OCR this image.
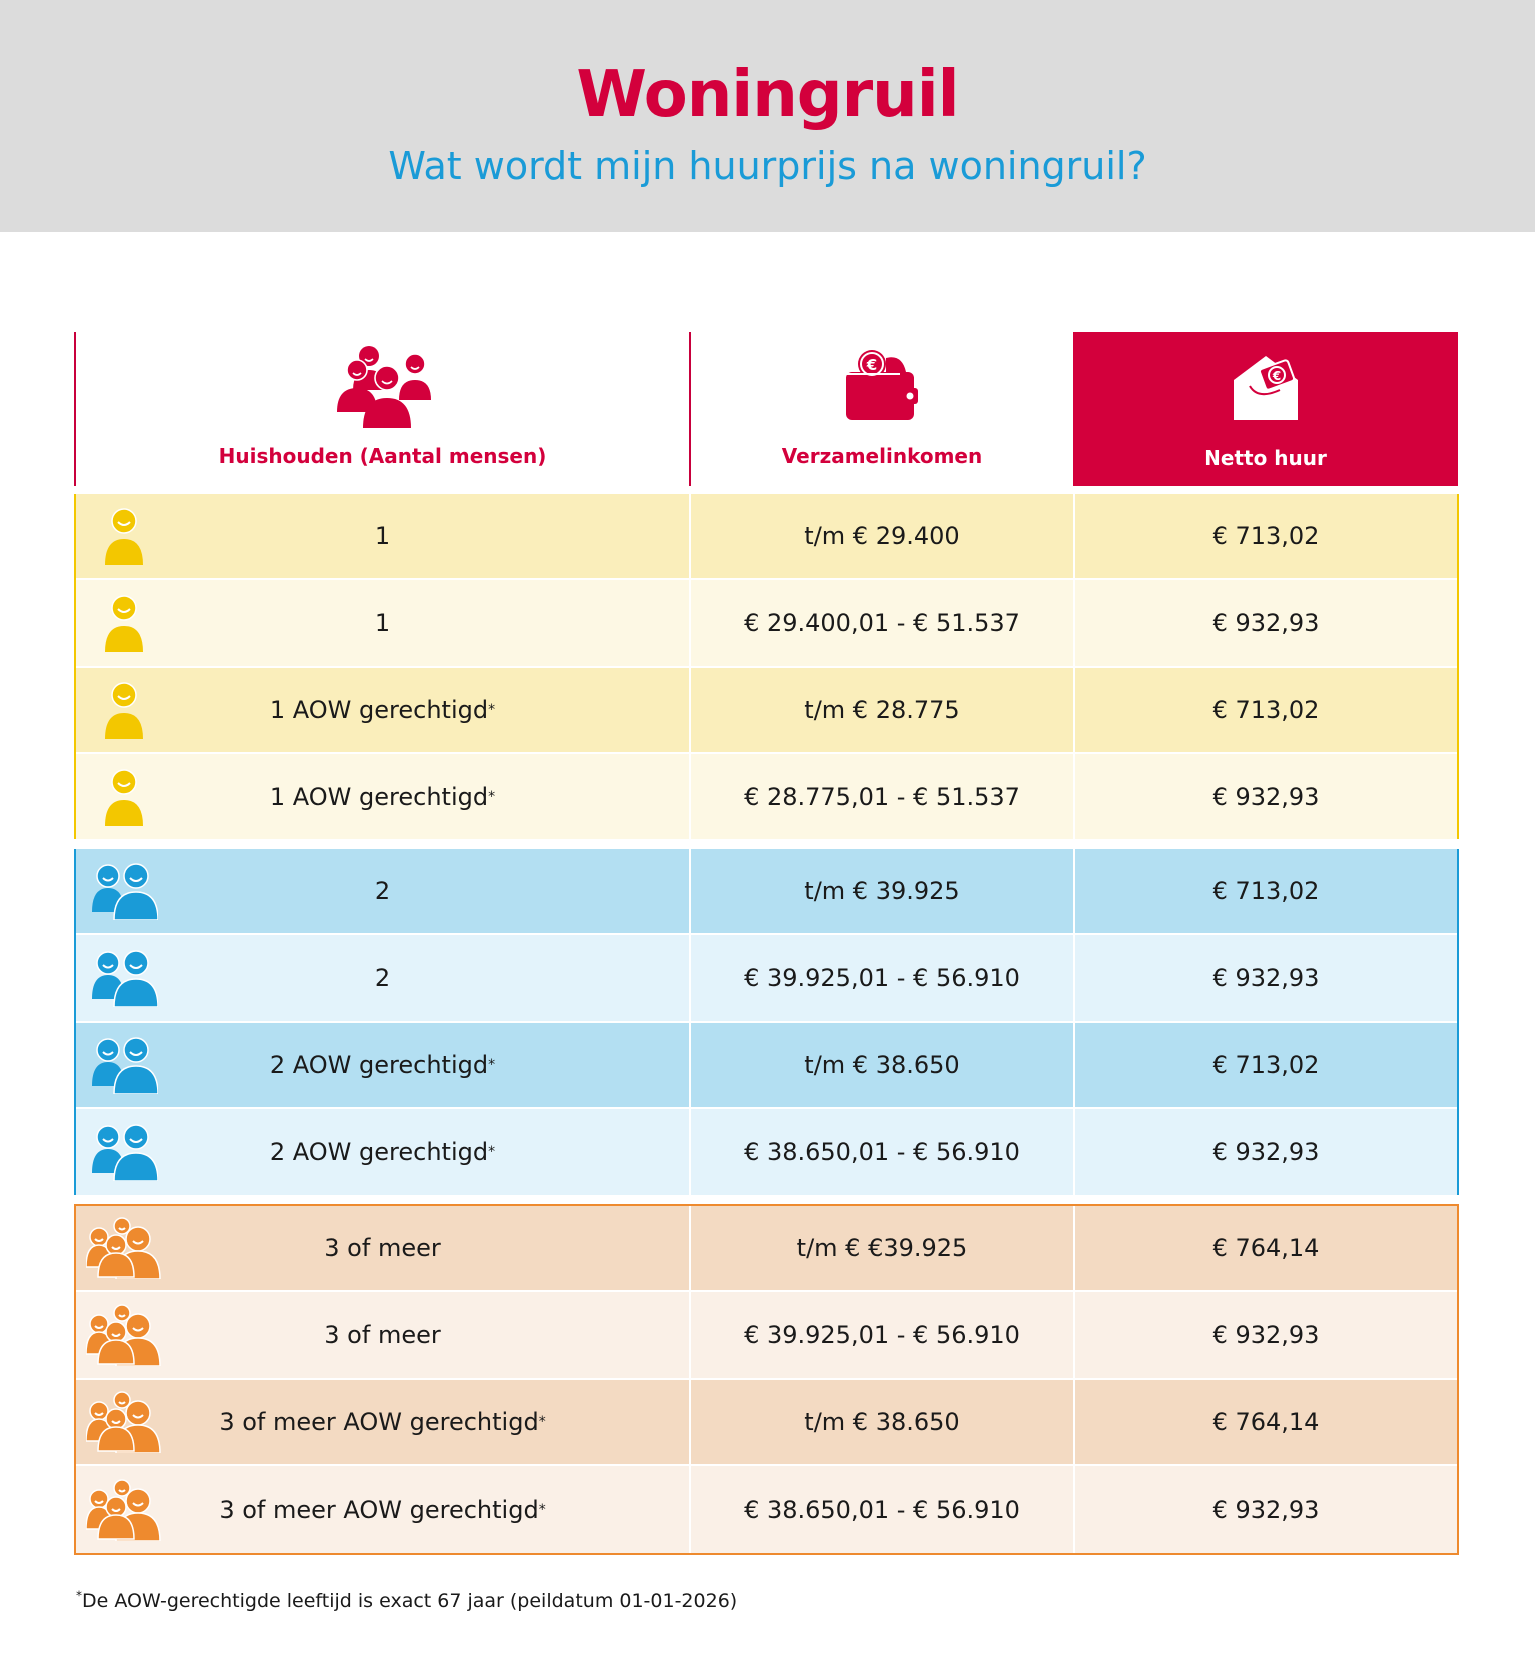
Woningruil
Wat wordt mijn huurprijs na woningruil?
Huishouden (Aantal mensen)
€
Verzamelinkomen
€
Netto huur
1	t/m € 29.400	€ 713,02
1	€ 29.400,01 - € 51.537	€ 932,93
1 AOW gerechtigd *	t/m € 28.775	€ 713,02
1 AOW gerechtigd *	€ 28.775,01 - € 51.537	€ 932,93
2	t/m € 39.925	€ 713,02
2	€ 39.925,01 - € 56.910	€ 932,93
2 AOW gerechtigd *	t/m € 38.650	€ 713,02
2 AOW gerechtigd *	€ 38.650,01 - € 56.910	€ 932,93
3 of meer	t/m € €39.925	€ 764,14
3 of meer	€ 39.925,01 - € 56.910	€ 932,93
3 of meer AOW gerechtigd *	t/m € 38.650	€ 764,14
3 of meer AOW gerechtigd *	€ 38.650,01 - € 56.910	€ 932,93
*De AOW-gerechtigde leeftijd is exact 67 jaar (peildatum 01-01-2026)
